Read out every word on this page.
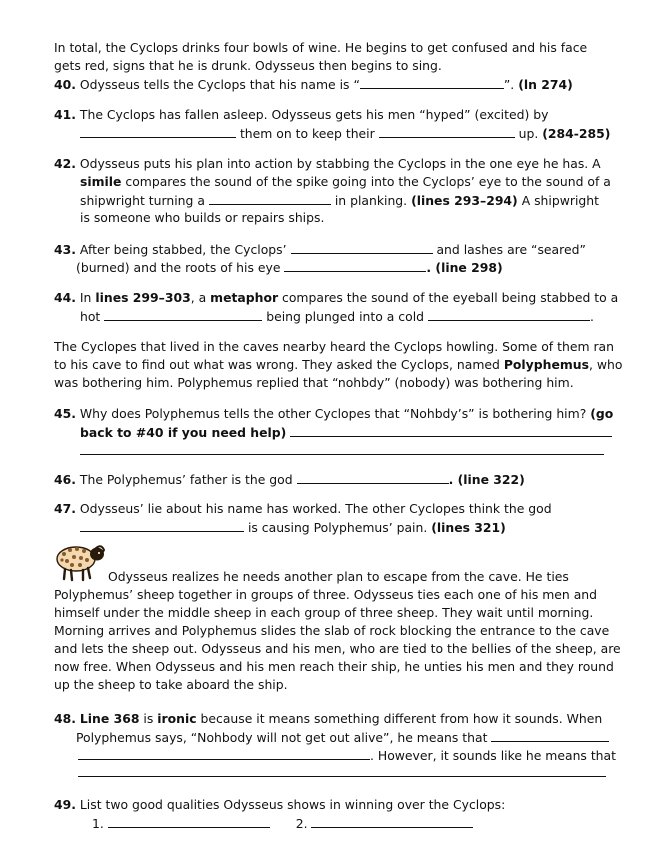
In total, the Cyclops drinks four bowls of wine. He begins to get confused and his face
gets red, signs that he is drunk. Odysseus then begins to sing.
40. Odysseus tells the Cyclops that his name is “	”. (ln 274)
41. The Cyclops has fallen asleep. Odysseus gets his men “hyped” (excited) by
them on to keep their	up. (284-285)
42. Odysseus puts his plan into action by stabbing the Cyclops in the one eye he has. A
simile compares the sound of the spike going into the Cyclops’ eye to the sound of a
shipwright turning a	in planking. (lines 293–294) A shipwright
is someone who builds or repairs ships.
43. After being stabbed, the Cyclops’	and lashes are “seared”
(burned) and the roots of his eye	. (line 298)
44. In lines 299–303, a metaphor compares the sound of the eyeball being stabbed to a
hot	being plunged into a cold	.
The Cyclopes that lived in the caves nearby heard the Cyclops howling. Some of them ran
to his cave to find out what was wrong. They asked the Cyclops, named Polyphemus, who
was bothering him. Polyphemus replied that “nohbdy” (nobody) was bothering him.
45. Why does Polyphemus tells the other Cyclopes that “Nohbdy’s” is bothering him? (go
back to #40 if you need help)
46. The Polyphemus’ father is the god	. (line 322)
47. Odysseus’ lie about his name has worked. The other Cyclopes think the god
is causing Polyphemus’ pain. (lines 321)
Odysseus realizes he needs another plan to escape from the cave. He ties
Polyphemus’ sheep together in groups of three. Odysseus ties each one of his men and
himself under the middle sheep in each group of three sheep. They wait until morning.
Morning arrives and Polyphemus slides the slab of rock blocking the entrance to the cave
and lets the sheep out. Odysseus and his men, who are tied to the bellies of the sheep, are
now free. When Odysseus and his men reach their ship, he unties his men and they round
up the sheep to take aboard the ship.
48. Line 368 is ironic because it means something different from how it sounds. When
Polyphemus says, “Nohbody will not get out alive”, he means that
. However, it sounds like he means that
49. List two good qualities Odysseus shows in winning over the Cyclops:
1.	2.
